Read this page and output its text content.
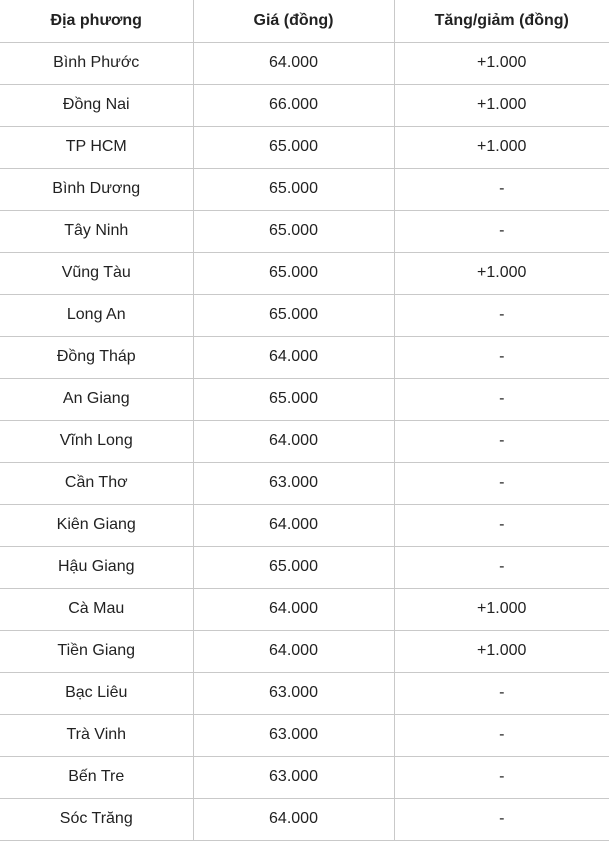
Địa phương	Giá (đồng)	Tăng/giảm (đồng)
Bình Phước	64.000	+1.000
Đồng Nai	66.000	+1.000
TP HCM	65.000	+1.000
Bình Dương	65.000	-
Tây Ninh	65.000	-
Vũng Tàu	65.000	+1.000
Long An	65.000	-
Đồng Tháp	64.000	-
An Giang	65.000	-
Vĩnh Long	64.000	-
Cần Thơ	63.000	-
Kiên Giang	64.000	-
Hậu Giang	65.000	-
Cà Mau	64.000	+1.000
Tiền Giang	64.000	+1.000
Bạc Liêu	63.000	-
Trà Vinh	63.000	-
Bến Tre	63.000	-
Sóc Trăng	64.000	-
